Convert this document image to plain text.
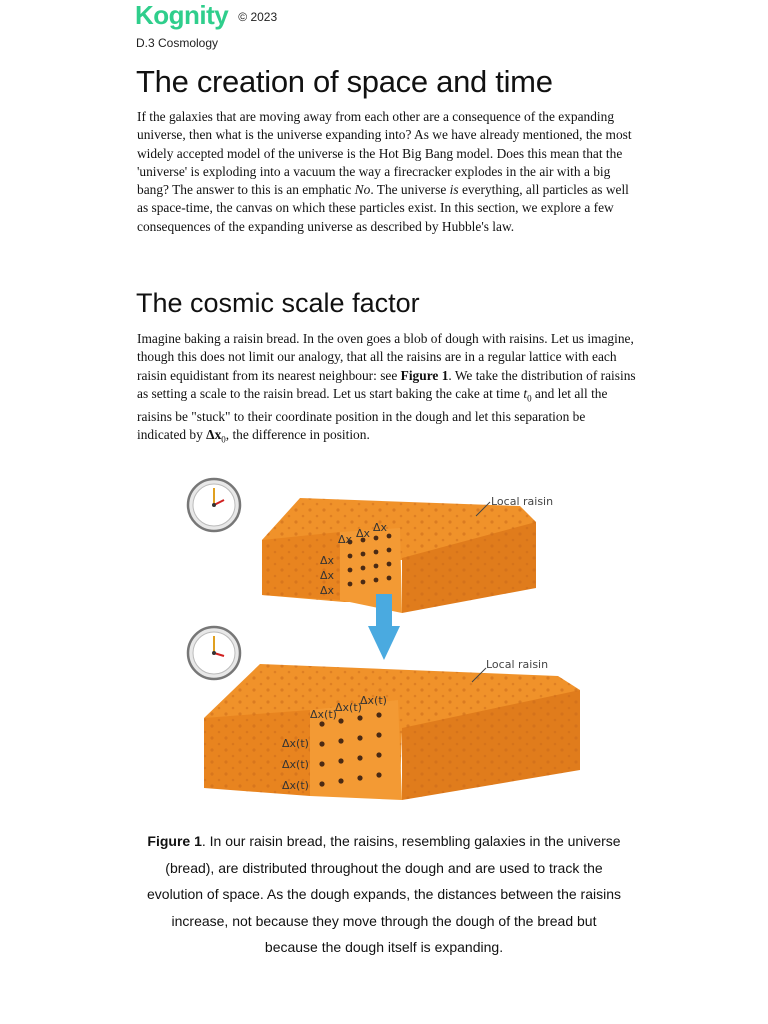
Kognity © 2023
D.3 Cosmology
The creation of space and time

If the galaxies that are moving away from each other are a consequence of the expanding universe, then what is the universe expanding into? As we have already mentioned, the most widely accepted model of the universe is the Hot Big Bang model. Does this mean that the 'universe' is exploding into a vacuum the way a firecracker explodes in the air with a big bang? The answer to this is an emphatic No. The universe is everything, all particles as well as space-time, the canvas on which these particles exist. In this section, we explore a few consequences of the expanding universe as described by Hubble's law.

The cosmic scale factor

Imagine baking a raisin bread. In the oven goes a blob of dough with raisins. Let us imagine, though this does not limit our analogy, that all the raisins are in a regular lattice with each raisin equidistant from its nearest neighbour: see Figure 1. We take the distribution of raisins as setting a scale to the raisin bread. Let us start baking the cake at time $t_0$ and let all the raisins be "stuck" to their coordinate position in the dough and let this separation be indicated by $\Delta x_0$, the difference in position.

Δx
Δx
Δx
Δx Δx Δx
Local raisin
Δx(t)
Δx(t)
Δx(t)
Δx(t)
Δx(t)
Δx(t)
Local raisin

Figure 1. In our raisin bread, the raisins, resembling galaxies in the universe (bread), are distributed throughout the dough and are used to track the evolution of space. As the dough expands, the distances between the raisins increase, not because they move through the dough of the bread but because the dough itself is expanding.
